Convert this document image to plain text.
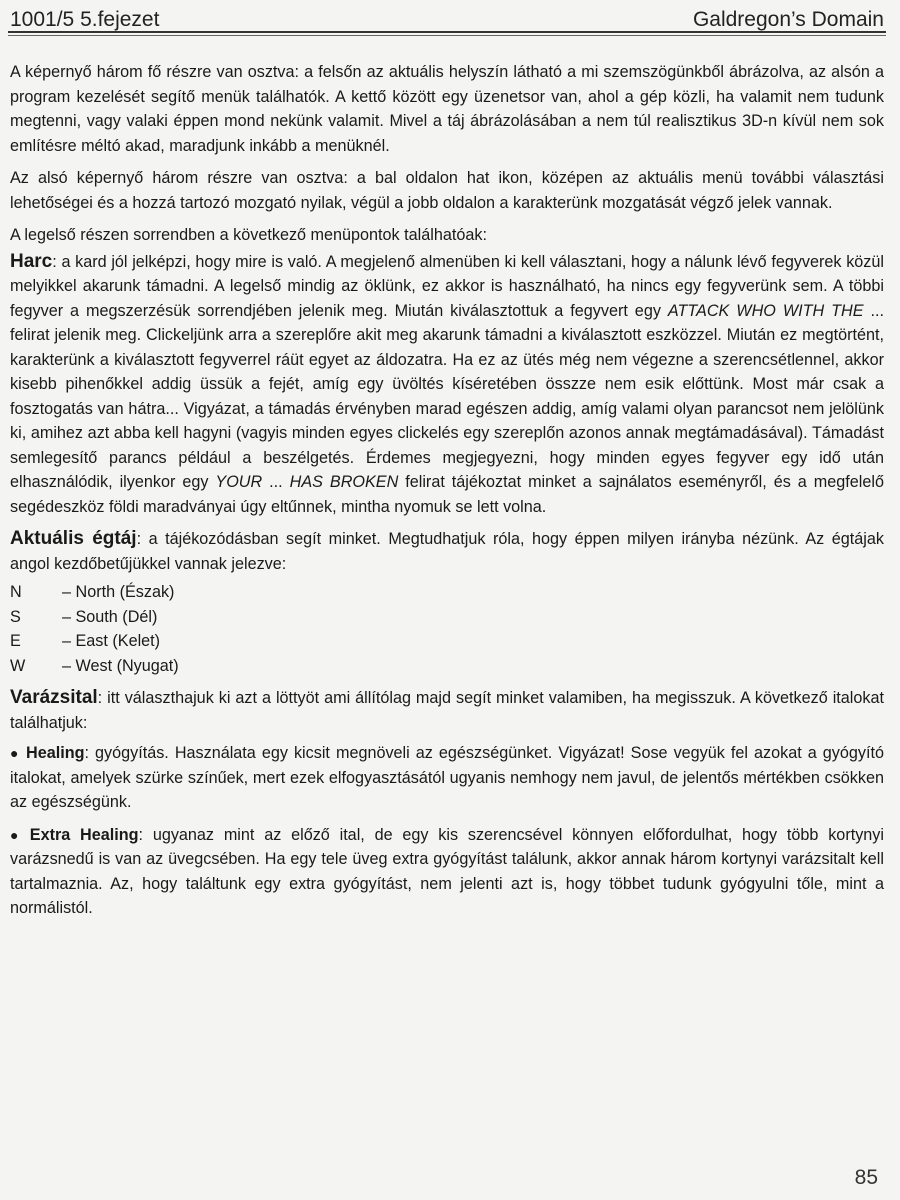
1001/5 5.fejezet	Galdregon’s Domain

A képernyő három fő részre van osztva: a felsőn az aktuális helyszín látható a mi szemszögünkből ábrázolva, az alsón a program kezelését segítő menük találhatók. A kettő között egy üzenetsor van, ahol a gép közli, ha valamit nem tudunk megtenni, vagy valaki éppen mond nekünk valamit. Mivel a táj ábrázolásában a nem túl realisztikus 3D-n kívül nem sok említésre méltó akad, maradjunk inkább a menüknél.

Az alsó képernyő három részre van osztva: a bal oldalon hat ikon, középen az aktuális menü további választási lehetőségei és a hozzá tartozó mozgató nyilak, végül a jobb oldalon a karakterünk mozgatását végző jelek vannak.

A legelső részen sorrendben a következő menüpontok találhatóak:

Harc: a kard jól jelképzi, hogy mire is való. A megjelenő almenüben ki kell választani, hogy a nálunk lévő fegyverek közül melyikkel akarunk támadni. A legelső mindig az öklünk, ez akkor is használható, ha nincs egy fegyverünk sem. A többi fegyver a megszerzésük sorrendjében jelenik meg. Miután kiválasztottuk a fegyvert egy ATTACK WHO WITH THE ... felirat jelenik meg. Clickeljünk arra a szereplőre akit meg akarunk támadni a kiválasztott eszközzel. Miután ez megtörtént, karakterünk a kiválasztott fegyverrel ráüt egyet az áldozatra. Ha ez az ütés még nem végezne a szerencsétlennel, akkor kisebb pihenőkkel addig üssük a fejét, amíg egy üvöltés kíséretében összze nem esik előttünk. Most már csak a fosztogatás van hátra... Vigyázat, a támadás érvényben marad egészen addig, amíg valami olyan parancsot nem jelölünk ki, amihez azt abba kell hagyni (vagyis minden egyes clickelés egy szereplőn azonos annak megtámadásával). Támadást semlegesítő parancs például a beszélgetés. Érdemes megjegyezni, hogy minden egyes fegyver egy idő után elhasználódik, ilyenkor egy YOUR ... HAS BROKEN felirat tájékoztat minket a sajnálatos eseményről, és a megfelelő segédeszköz földi maradványai úgy eltűnnek, mintha nyomuk se lett volna.

Aktuális égtáj: a tájékozódásban segít minket. Megtudhatjuk róla, hogy éppen milyen irányba nézünk. Az égtájak angol kezdőbetűjükkel vannak jelezve:

N	– North (Észak)
S	– South (Dél)
E	– East (Kelet)
W	– West (Nyugat)

Varázsital: itt választhajuk ki azt a löttyöt ami állítólag majd segít minket valamiben, ha megisszuk. A következő italokat találhatjuk:

● Healing: gyógyítás. Használata egy kicsit megnöveli az egészségünket. Vigyázat! Sose vegyük fel azokat a gyógyító italokat, amelyek szürke színűek, mert ezek elfogyasztásától ugyanis nemhogy nem javul, de jelentős mértékben csökken az egészségünk.

● Extra Healing: ugyanaz mint az előző ital, de egy kis szerencsével könnyen előfordulhat, hogy több kortynyi varázsnedű is van az üvegcsében. Ha egy tele üveg extra gyógyítást találunk, akkor annak három kortynyi varázsitalt kell tartalmaznia. Az, hogy találtunk egy extra gyógyítást, nem jelenti azt is, hogy többet tudunk gyógyulni tőle, mint a normálistól.

85
